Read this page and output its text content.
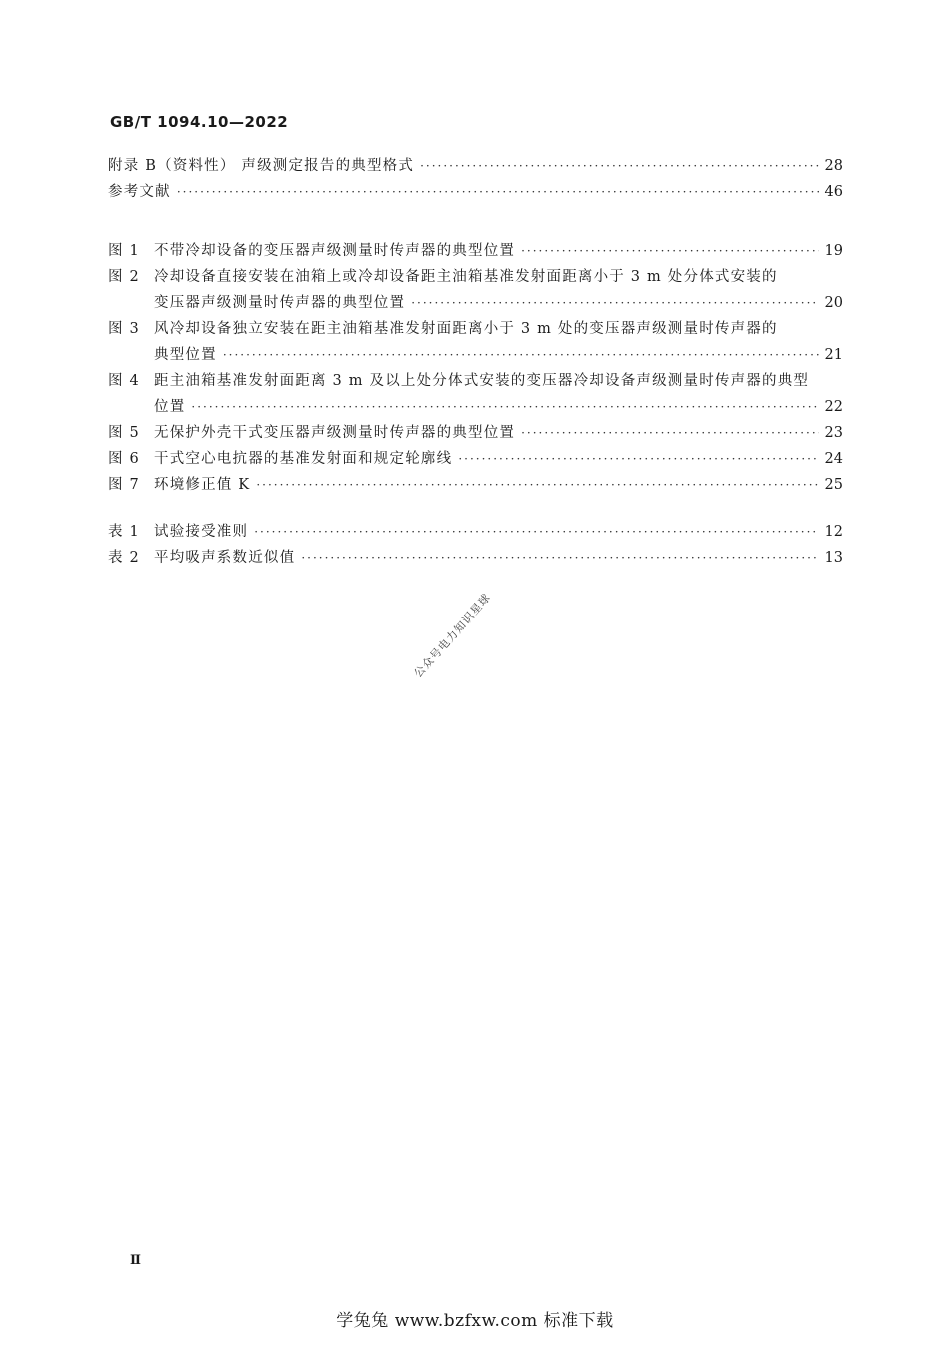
GB/T 1094.10—2022
附录 B（资料性） 声级测定报告的典型格式 ·····	28
参考文献 ·····	46
图 1 不带冷却设备的变压器声级测量时传声器的典型位置 ·····	19
图 2 冷却设备直接安装在油箱上或冷却设备距主油箱基准发射面距离小于 3 m 处分体式安装的
变压器声级测量时传声器的典型位置 ·····	20
图 3 风冷却设备独立安装在距主油箱基准发射面距离小于 3 m 处的变压器声级测量时传声器的
典型位置 ·····	21
图 4 距主油箱基准发射面距离 3 m 及以上处分体式安装的变压器冷却设备声级测量时传声器的典型
位置 ·····	22
图 5 无保护外壳干式变压器声级测量时传声器的典型位置 ·····	23
图 6 干式空心电抗器的基准发射面和规定轮廓线 ·····	24
图 7 环境修正值 K ·····	25
表 1 试验接受准则 ·····	12
表 2 平均吸声系数近似值 ·····	13
公众号电力知识星球
Ⅱ
学兔兔 www.bzfxw.com 标准下载
